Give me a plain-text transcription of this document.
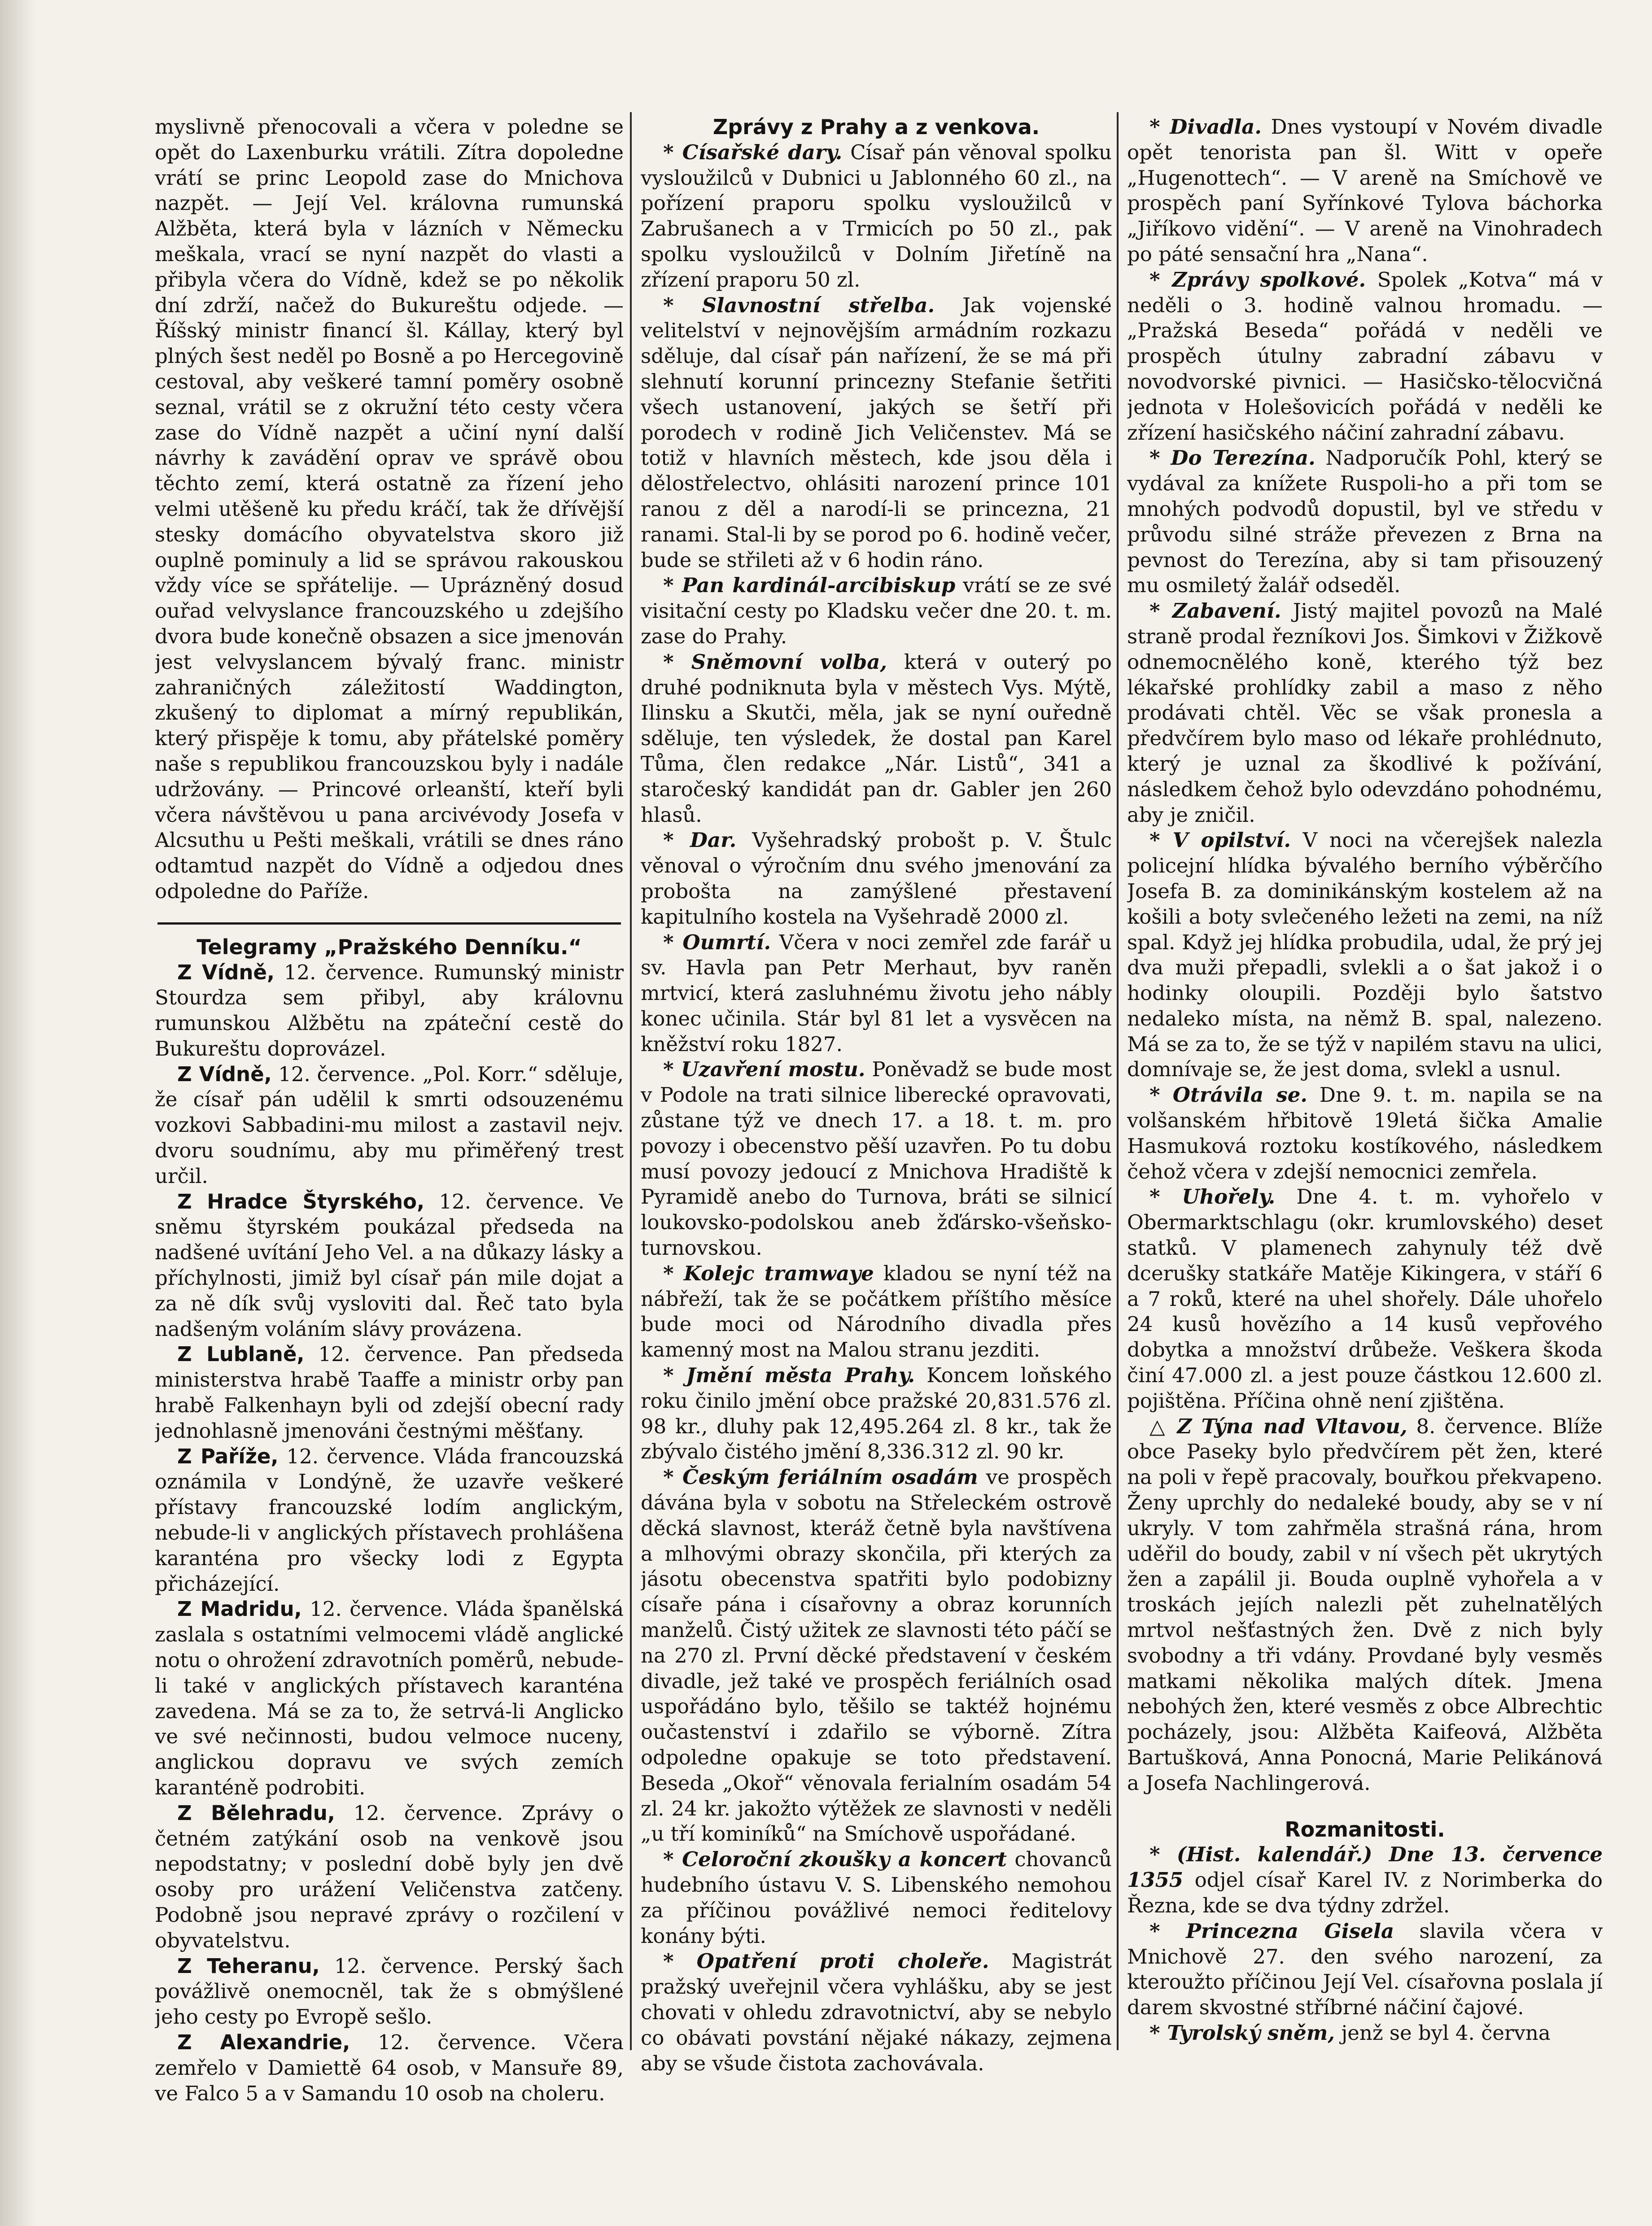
myslivně přenocovali a včera v poledne se opět do Laxenburku vrátili. Zítra dopoledne vrátí se princ Leopold zase do Mnichova nazpět. — Její Vel. královna rumunská Alžběta, která byla v lázních v Německu meškala, vrací se nyní nazpět do vlasti a přibyla včera do Vídně, kdež se po několik dní zdrží, načež do Bukureštu odjede. — Říšský ministr financí šl. Kállay, který byl plných šest neděl po Bosně a po Hercegovině cestoval, aby veškeré tamní poměry osobně seznal, vrátil se z okružní této cesty včera zase do Vídně nazpět a učiní nyní další návrhy k zavádění oprav ve správě obou těchto zemí, která ostatně za řízení jeho velmi utěšeně ku předu kráčí, tak že dřívější stesky domácího obyvatelstva skoro již ouplně pominuly a lid se správou rakouskou vždy více se spřátelije. — Uprázněný dosud ouřad velvyslance francouzského u zdejšího dvora bude konečně obsazen a sice jmenován jest velvyslancem bývalý franc. ministr zahraničných záležitostí Waddington, zkušený to diplomat a mírný republikán, který přispěje k tomu, aby přátelské poměry naše s republikou francouzskou byly i nadále udržovány. — Princové orleanští, kteří byli včera návštěvou u pana arcivévody Josefa v Alcsuthu u Pešti meškali, vrátili se dnes ráno odtamtud nazpět do Vídně a odjedou dnes odpoledne do Paříže.

Telegramy „Pražského Denníku.“

Z Vídně, 12. července. Rumunský ministr Stourdza sem přibyl, aby královnu rumunskou Alžbětu na zpáteční cestě do Bukureštu doprovázel.

Z Vídně, 12. července. „Pol. Korr.“ sděluje, že císař pán udělil k smrti odsouzenému vozkovi Sabbadini-mu milost a zastavil nejv. dvoru soudnímu, aby mu přiměřený trest určil.

Z Hradce Štyrského, 12. července. Ve sněmu štyrském poukázal předseda na nadšené uvítání Jeho Vel. a na důkazy lásky a příchylnosti, jimiž byl císař pán mile dojat a za ně dík svůj vysloviti dal. Řeč tato byla nadšeným voláním slávy provázena.

Z Lublaně, 12. července. Pan předseda ministerstva hrabě Taaffe a ministr orby pan hrabě Falkenhayn byli od zdejší obecní rady jednohlasně jmenováni čestnými měšťany.

Z Paříže, 12. července. Vláda francouzská oznámila v Londýně, že uzavře veškeré přístavy francouzské lodím anglickým, nebude-li v anglických přístavech prohlášena karanténa pro všecky lodi z Egypta přicházející.

Z Madridu, 12. července. Vláda španělská zaslala s ostatními velmocemi vládě anglické notu o ohrožení zdravotních poměrů, nebude-li také v anglických přístavech karanténa zavedena. Má se za to, že setrvá-li Anglicko ve své nečinnosti, budou velmoce nuceny, anglickou dopravu ve svých zemích karanténě podrobiti.

Z Bělehradu, 12. července. Zprávy o četném zatýkání osob na venkově jsou nepodstatny; v poslední době byly jen dvě osoby pro urážení Veličenstva zatčeny. Podobně jsou nepravé zprávy o rozčilení v obyvatelstvu.

Z Teheranu, 12. července. Perský šach povážlivě onemocněl, tak že s obmýšlené jeho cesty po Evropě sešlo.

Z Alexandrie, 12. července. Včera zemřelo v Damiettě 64 osob, v Mansuře 89, ve Falco 5 a v Samandu 10 osob na choleru.

Zprávy z Prahy a z venkova.

* Císařské dary. Císař pán věnoval spolku vysloužilců v Dubnici u Jablonného 60 zl., na pořízení praporu spolku vysloužilců v Zabrušanech a v Trmicích po 50 zl., pak spolku vysloužilců v Dolním Jiřetíně na zřízení praporu 50 zl.

* Slavnostní střelba. Jak vojenské velitelství v nejnovějším armádním rozkazu sděluje, dal císař pán nařízení, že se má při slehnutí korunní princezny Stefanie šetřiti všech ustanovení, jakých se šetří při porodech v rodině Jich Veličenstev. Má se totiž v hlavních městech, kde jsou děla i dělostřelectvo, ohlásiti narození prince 101 ranou z děl a narodí-li se princezna, 21 ranami. Stal-li by se porod po 6. hodině večer, bude se střileti až v 6 hodin ráno.

* Pan kardinál-arcibiskup vrátí se ze své visitační cesty po Kladsku večer dne 20. t. m. zase do Prahy.

* Sněmovní volba, která v outerý po druhé podniknuta byla v městech Vys. Mýtě, Ilinsku a Skutči, měla, jak se nyní ouředně sděluje, ten výsledek, že dostal pan Karel Tůma, člen redakce „Nár. Listů“, 341 a staročeský kandidát pan dr. Gabler jen 260 hlasů.

* Dar. Vyšehradský probošt p. V. Štulc věnoval o výročním dnu svého jmenování za probošta na zamýšlené přestavení kapitulního kostela na Vyšehradě 2000 zl.

* Oumrtí. Včera v noci zemřel zde farář u sv. Havla pan Petr Merhaut, byv raněn mrtvicí, která zasluhnému životu jeho nábly konec učinila. Stár byl 81 let a vysvěcen na kněžství roku 1827.

* Uzavření mostu. Poněvadž se bude most v Podole na trati silnice liberecké opravovati, zůstane týž ve dnech 17. a 18. t. m. pro povozy i obecenstvo pěší uzavřen. Po tu dobu musí povozy jedoucí z Mnichova Hradiště k Pyramidě anebo do Turnova, bráti se silnicí loukovsko-podolskou aneb žďársko-všeňsko-turnovskou.

* Kolejc tramwaye kladou se nyní též na nábřeží, tak že se počátkem příštího měsíce bude moci od Národního divadla přes kamenný most na Malou stranu jezditi.

* Jmění města Prahy. Koncem loňského roku činilo jmění obce pražské 20,831.576 zl. 98 kr., dluhy pak 12,495.264 zl. 8 kr., tak že zbývalo čistého jmění 8,336.312 zl. 90 kr.

* Českým feriálním osadám ve prospěch dávána byla v sobotu na Střeleckém ostrově děcká slavnost, kteráž četně byla navštívena a mlhovými obrazy skončila, při kterých za jásotu obecenstva spatřiti bylo podobizny císaře pána i císařovny a obraz korunních manželů. Čistý užitek ze slavnosti této páčí se na 270 zl. První děcké představení v českém divadle, jež také ve prospěch feriálních osad uspořádáno bylo, těšilo se taktéž hojnému oučastenství i zdařilo se výborně. Zítra odpoledne opakuje se toto představení. Beseda „Okoř“ věnovala ferialním osadám 54 zl. 24 kr. jakožto výtěžek ze slavnosti v neděli „u tří kominíků“ na Smíchově uspořádané.

* Celoroční zkoušky a koncert chovanců hudebního ústavu V. S. Libenského nemohou za příčinou povážlivé nemoci ředitelovy konány býti.

* Opatření proti choleře. Magistrát pražský uveřejnil včera vyhlášku, aby se jest chovati v ohledu zdravotnictví, aby se nebylo co obávati povstání nějaké nákazy, zejmena aby se všude čistota zachovávala.

* Divadla. Dnes vystoupí v Novém divadle opět tenorista pan šl. Witt v opeře „Hugenottech“. — V areně na Smíchově ve prospěch paní Syřínkové Tylova báchorka „Jiříkovo vidění“. — V areně na Vinohradech po páté sensační hra „Nana“.

* Zprávy spolkové. Spolek „Kotva“ má v neděli o 3. hodině valnou hromadu. — „Pražská Beseda“ pořádá v neděli ve prospěch útulny zabradní zábavu v novodvorské pivnici. — Hasičsko-tělocvičná jednota v Holešovicích pořádá v neděli ke zřízení hasičského náčiní zahradní zábavu.

* Do Terezína. Nadporučík Pohl, který se vydával za knížete Ruspoli-ho a při tom se mnohých podvodů dopustil, byl ve středu v průvodu silné stráže převezen z Brna na pevnost do Terezína, aby si tam přisouzený mu osmiletý žalář odseděl.

* Zabavení. Jistý majitel povozů na Malé straně prodal řezníkovi Jos. Šimkovi v Žižkově odnemocnělého koně, kterého týž bez lékařské prohlídky zabil a maso z něho prodávati chtěl. Věc se však pronesla a předvčírem bylo maso od lékaře prohlédnuto, který je uznal za škodlivé k požívání, následkem čehož bylo odevzdáno pohodnému, aby je zničil.

* V opilství. V noci na včerejšek nalezla policejní hlídka bývalého berního výběrčího Josefa B. za dominikánským kostelem až na košili a boty svlečeného ležeti na zemi, na níž spal. Když jej hlídka probudila, udal, že prý jej dva muži přepadli, svlekli a o šat jakož i o hodinky oloupili. Později bylo šatstvo nedaleko místa, na němž B. spal, nalezeno. Má se za to, že se týž v napilém stavu na ulici, domnívaje se, že jest doma, svlekl a usnul.

* Otrávila se. Dne 9. t. m. napila se na volšanském hřbitově 19letá šička Amalie Hasmuková roztoku kostíkového, následkem čehož včera v zdejší nemocnici zemřela.

* Uhořely. Dne 4. t. m. vyhořelo v Obermarktschlagu (okr. krumlovského) deset statků. V plamenech zahynuly též dvě dcerušky statkáře Matěje Kikingera, v stáří 6 a 7 roků, které na uhel shořely. Dále uhořelo 24 kusů hovězího a 14 kusů vepřového dobytka a množství drůbeže. Veškera škoda činí 47.000 zl. a jest pouze částkou 12.600 zl. pojištěna. Příčina ohně není zjištěna.

△ Z Týna nad Vltavou, 8. července. Blíže obce Paseky bylo předvčírem pět žen, které na poli v řepě pracovaly, bouřkou překvapeno. Ženy uprchly do nedaleké boudy, aby se v ní ukryly. V tom zahřměla strašná rána, hrom uděřil do boudy, zabil v ní všech pět ukrytých žen a zapálil ji. Bouda ouplně vyhořela a v troskách jejích nalezli pět zuhelnatělých mrtvol nešťastných žen. Dvě z nich byly svobodny a tři vdány. Provdané byly vesměs matkami několika malých dítek. Jmena nebohých žen, které vesměs z obce Albrechtic pocházely, jsou: Alžběta Kaifeová, Alžběta Bartušková, Anna Ponocná, Marie Pelikánová a Josefa Nachlingerová.

Rozmanitosti.

* (Hist. kalendář.) Dne 13. července 1355 odjel císař Karel IV. z Norimberka do Řezna, kde se dva týdny zdržel.

* Princezna Gisela slavila včera v Mnichově 27. den svého narození, za kteroužto příčinou Její Vel. císařovna poslala jí darem skvostné stříbrné náčiní čajové.

* Tyrolský sněm, jenž se byl 4. června
